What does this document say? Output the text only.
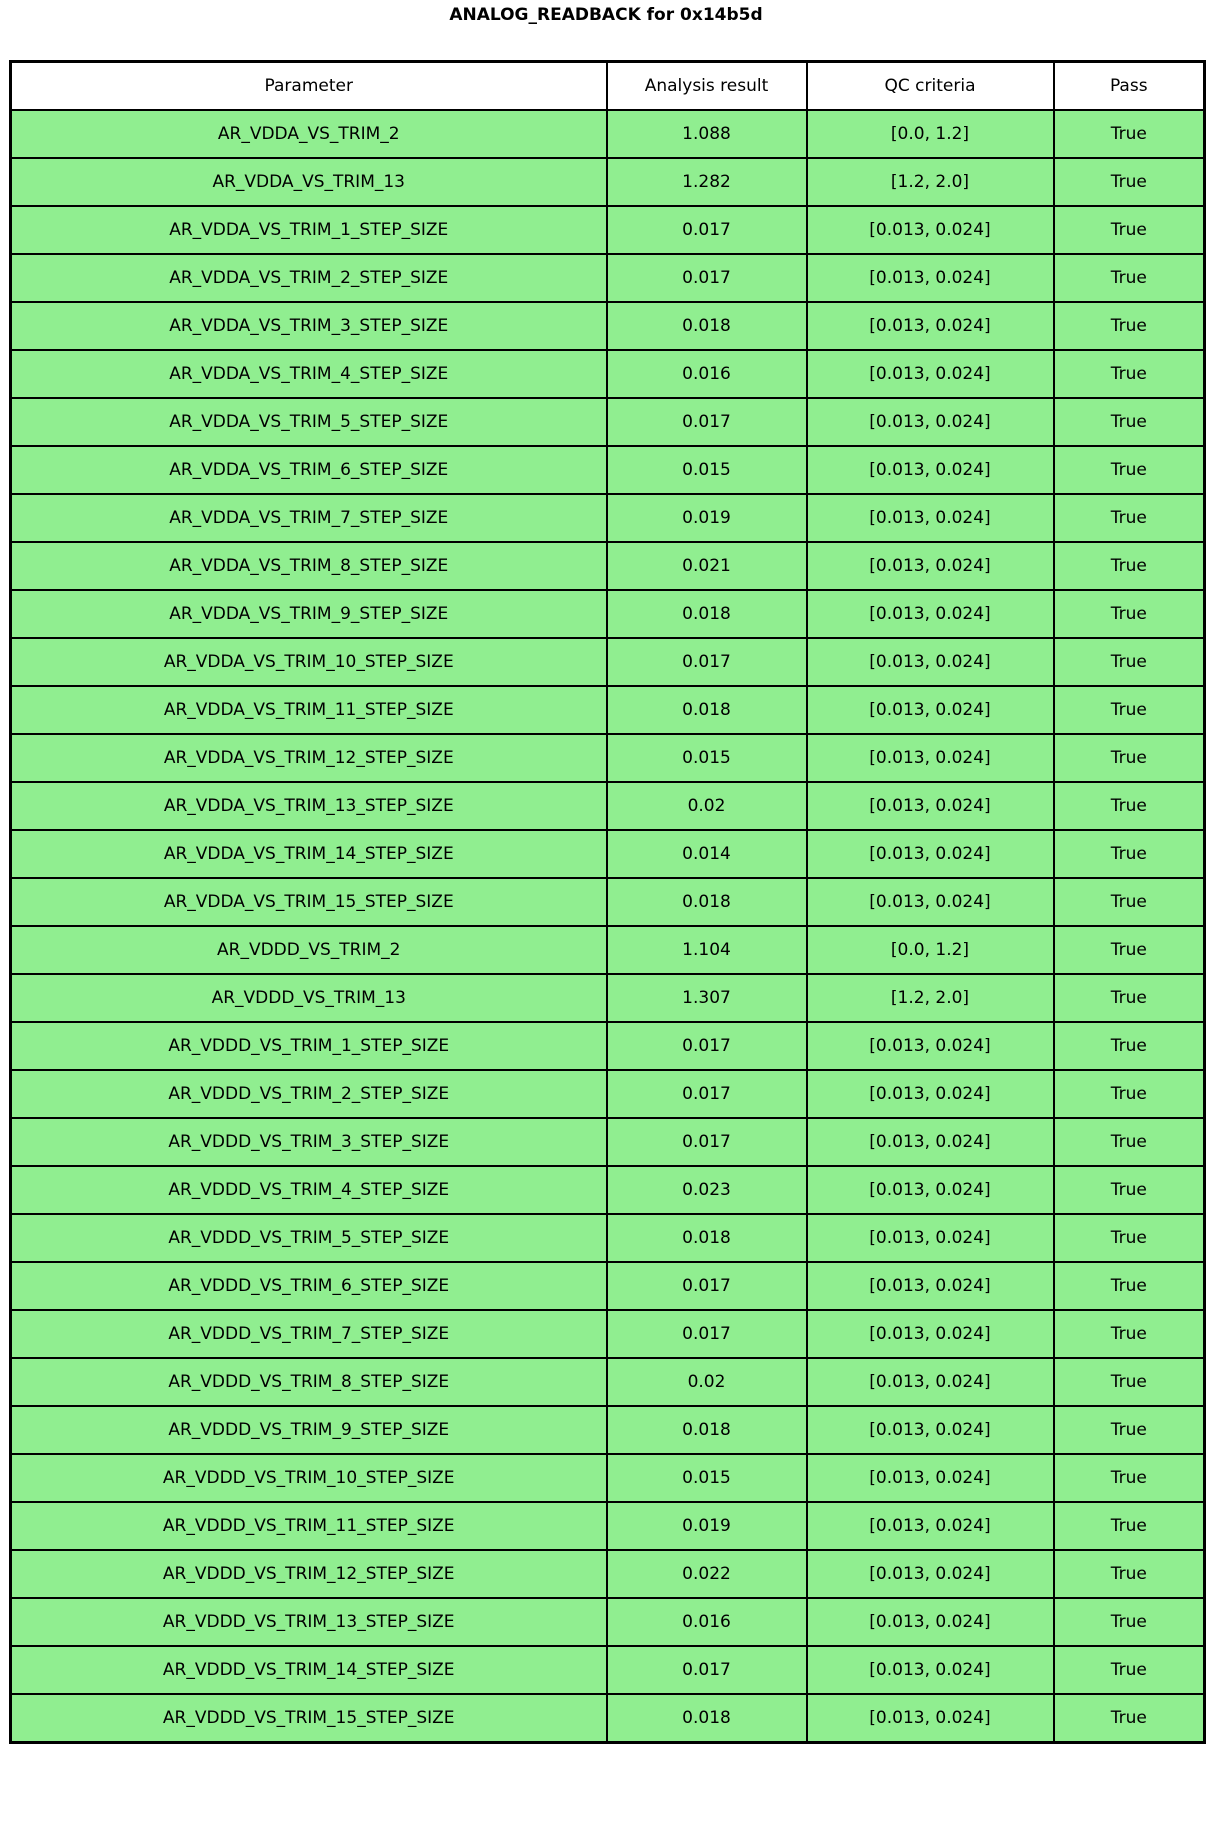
ANALOG_READBACK for 0x14b5d
Parameter	Analysis result	QC criteria	Pass
AR_VDDA_VS_TRIM_2	1.088	[0.0, 1.2]	True
AR_VDDA_VS_TRIM_13	1.282	[1.2, 2.0]	True
AR_VDDA_VS_TRIM_1_STEP_SIZE	0.017	[0.013, 0.024]	True
AR_VDDA_VS_TRIM_2_STEP_SIZE	0.017	[0.013, 0.024]	True
AR_VDDA_VS_TRIM_3_STEP_SIZE	0.018	[0.013, 0.024]	True
AR_VDDA_VS_TRIM_4_STEP_SIZE	0.016	[0.013, 0.024]	True
AR_VDDA_VS_TRIM_5_STEP_SIZE	0.017	[0.013, 0.024]	True
AR_VDDA_VS_TRIM_6_STEP_SIZE	0.015	[0.013, 0.024]	True
AR_VDDA_VS_TRIM_7_STEP_SIZE	0.019	[0.013, 0.024]	True
AR_VDDA_VS_TRIM_8_STEP_SIZE	0.021	[0.013, 0.024]	True
AR_VDDA_VS_TRIM_9_STEP_SIZE	0.018	[0.013, 0.024]	True
AR_VDDA_VS_TRIM_10_STEP_SIZE	0.017	[0.013, 0.024]	True
AR_VDDA_VS_TRIM_11_STEP_SIZE	0.018	[0.013, 0.024]	True
AR_VDDA_VS_TRIM_12_STEP_SIZE	0.015	[0.013, 0.024]	True
AR_VDDA_VS_TRIM_13_STEP_SIZE	0.02	[0.013, 0.024]	True
AR_VDDA_VS_TRIM_14_STEP_SIZE	0.014	[0.013, 0.024]	True
AR_VDDA_VS_TRIM_15_STEP_SIZE	0.018	[0.013, 0.024]	True
AR_VDDD_VS_TRIM_2	1.104	[0.0, 1.2]	True
AR_VDDD_VS_TRIM_13	1.307	[1.2, 2.0]	True
AR_VDDD_VS_TRIM_1_STEP_SIZE	0.017	[0.013, 0.024]	True
AR_VDDD_VS_TRIM_2_STEP_SIZE	0.017	[0.013, 0.024]	True
AR_VDDD_VS_TRIM_3_STEP_SIZE	0.017	[0.013, 0.024]	True
AR_VDDD_VS_TRIM_4_STEP_SIZE	0.023	[0.013, 0.024]	True
AR_VDDD_VS_TRIM_5_STEP_SIZE	0.018	[0.013, 0.024]	True
AR_VDDD_VS_TRIM_6_STEP_SIZE	0.017	[0.013, 0.024]	True
AR_VDDD_VS_TRIM_7_STEP_SIZE	0.017	[0.013, 0.024]	True
AR_VDDD_VS_TRIM_8_STEP_SIZE	0.02	[0.013, 0.024]	True
AR_VDDD_VS_TRIM_9_STEP_SIZE	0.018	[0.013, 0.024]	True
AR_VDDD_VS_TRIM_10_STEP_SIZE	0.015	[0.013, 0.024]	True
AR_VDDD_VS_TRIM_11_STEP_SIZE	0.019	[0.013, 0.024]	True
AR_VDDD_VS_TRIM_12_STEP_SIZE	0.022	[0.013, 0.024]	True
AR_VDDD_VS_TRIM_13_STEP_SIZE	0.016	[0.013, 0.024]	True
AR_VDDD_VS_TRIM_14_STEP_SIZE	0.017	[0.013, 0.024]	True
AR_VDDD_VS_TRIM_15_STEP_SIZE	0.018	[0.013, 0.024]	True
